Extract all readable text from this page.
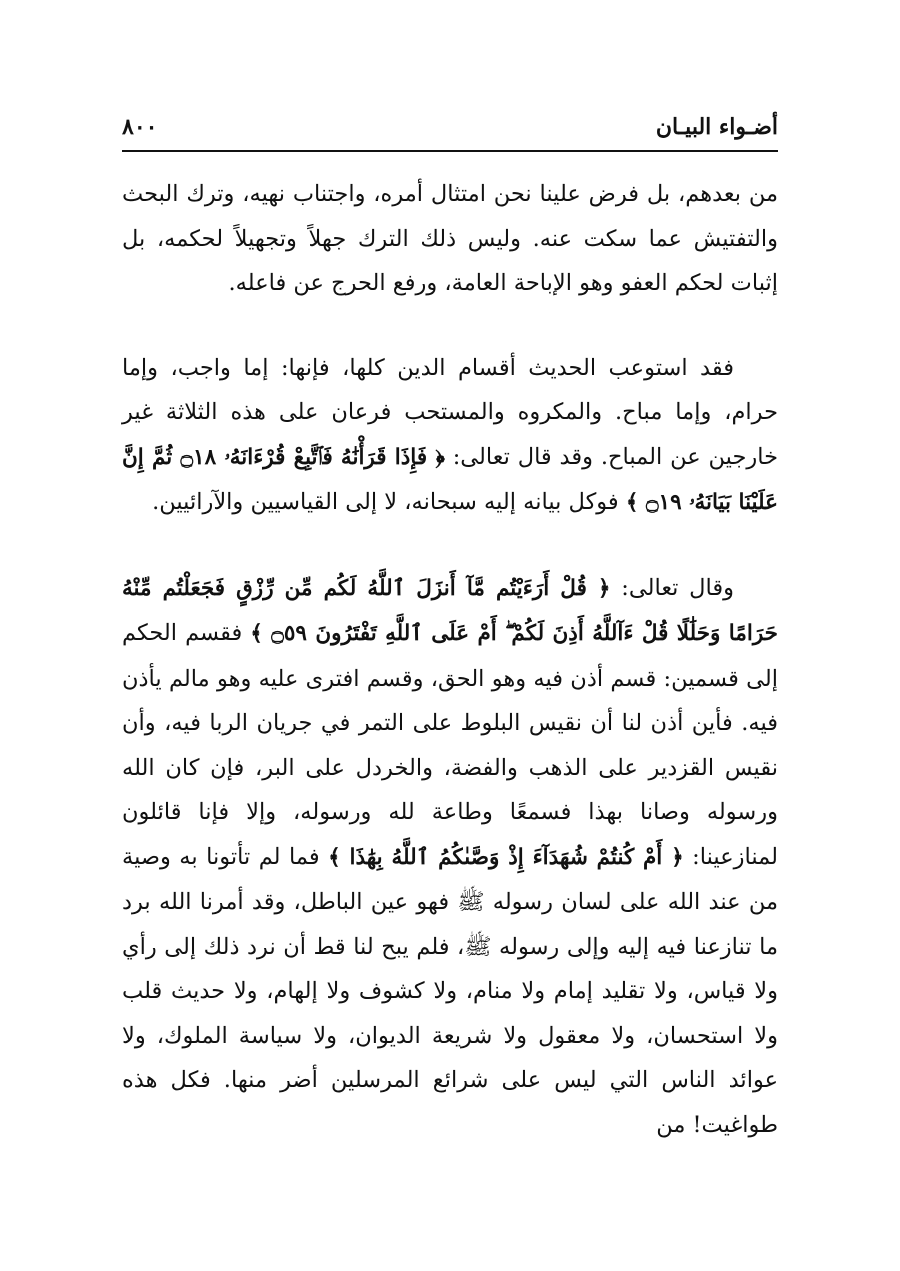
أضـواء البيـان
٨٠٠

من بعدهم، بل فرض علينا نحن امتثال أمره، واجتناب نهيه، وترك البحث والتفتيش عما سكت عنه. وليس ذلك الترك جهلاً وتجهيلاً لحكمه، بل إثبات لحكم العفو وهو الإباحة العامة، ورفع الحرج عن فاعله.

فقد استوعب الحديث أقسام الدين كلها، فإنها: إما واجب، وإما حرام، وإما مباح. والمكروه والمستحب فرعان على هذه الثلاثة غير خارجين عن المباح. وقد قال تعالى: ﴿ فَإِذَا قَرَأْنَٰهُ فَٱتَّبِعْ قُرْءَانَهُۥ ۝١٨ ثُمَّ إِنَّ عَلَيْنَا بَيَانَهُۥ ۝١٩ ﴾ فوكل بيانه إليه سبحانه، لا إلى القياسيين والآرائيين.

وقال تعالى: ﴿ قُلْ أَرَءَيْتُم مَّآ أَنزَلَ ٱللَّهُ لَكُم مِّن رِّزْقٍ فَجَعَلْتُم مِّنْهُ حَرَامًا وَحَلَٰلًا قُلْ ءَآللَّهُ أَذِنَ لَكُمْ ۖ أَمْ عَلَى ٱللَّهِ تَفْتَرُونَ ۝٥٩ ﴾ فقسم الحكم إلى قسمين: قسم أذن فيه وهو الحق، وقسم افترى عليه وهو مالم يأذن فيه. فأين أذن لنا أن نقيس البلوط على التمر في جريان الربا فيه، وأن نقيس القزدير على الذهب والفضة، والخردل على البر، فإن كان الله ورسوله وصانا بهذا فسمعًا وطاعة لله ورسوله، وإلا فإنا قائلون لمنازعينا: ﴿ أَمْ كُنتُمْ شُهَدَآءَ إِذْ وَصَّىٰكُمُ ٱللَّهُ بِهَٰذَا ﴾ فما لم تأتونا به وصية من عند الله على لسان رسوله ﷺ فهو عين الباطل، وقد أمرنا الله برد ما تنازعنا فيه إليه وإلى رسوله ﷺ، فلم يبح لنا قط أن نرد ذلك إلى رأي ولا قياس، ولا تقليد إمام ولا منام، ولا كشوف ولا إلهام، ولا حديث قلب ولا استحسان، ولا معقول ولا شريعة الديوان، ولا سياسة الملوك، ولا عوائد الناس التي ليس على شرائع المرسلين أضر منها. فكل هذه طواغيت! من
